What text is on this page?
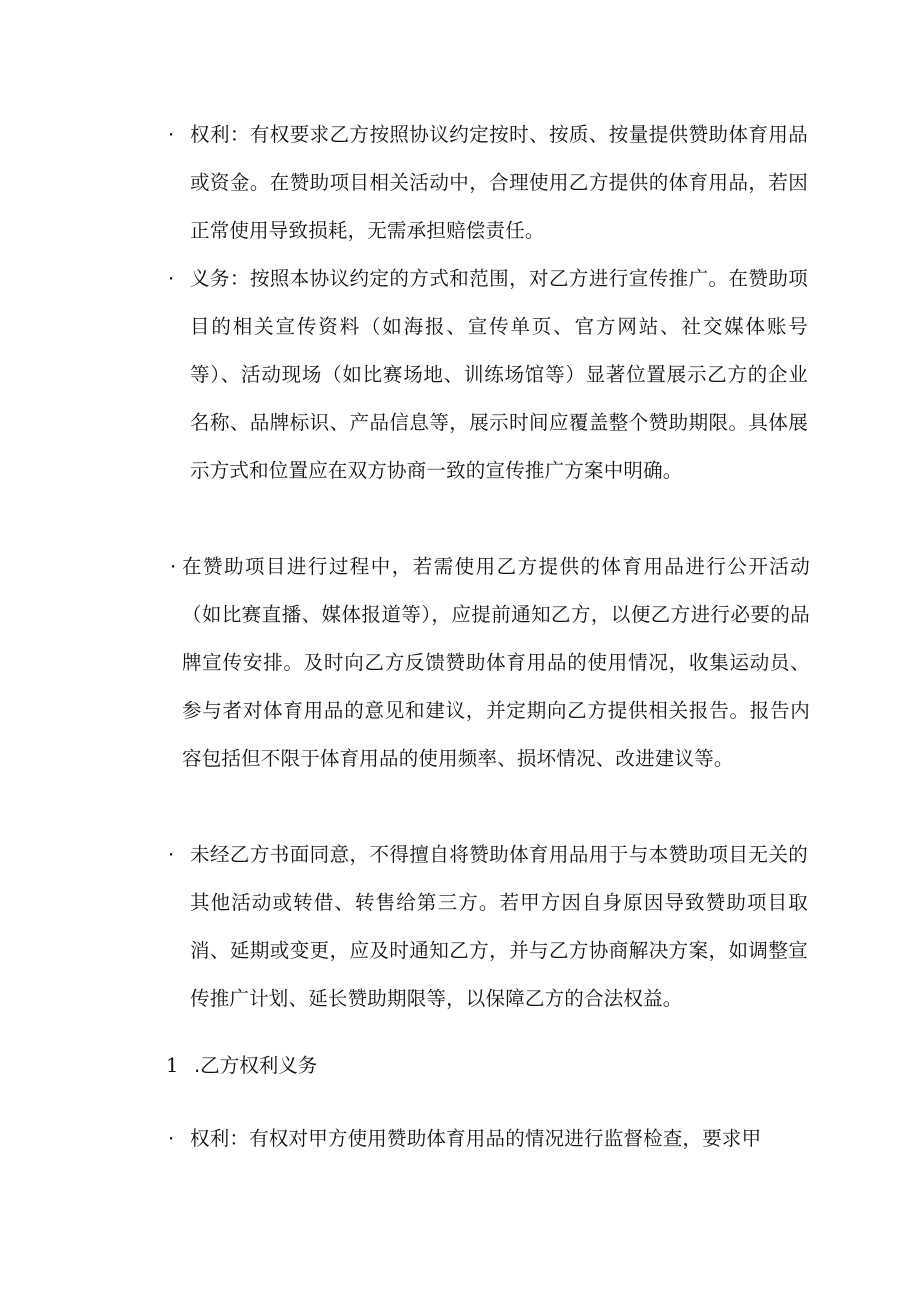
· 权利：有权要求乙方按照协议约定按时、按质、按量提供赞助体育用品或资金。在赞助项目相关活动中，合理使用乙方提供的体育用品，若因正常使用导致损耗，无需承担赔偿责任。
· 义务：按照本协议约定的方式和范围，对乙方进行宣传推广。在赞助项目的相关宣传资料（如海报、宣传单页、官方网站、社交媒体账号等）、活动现场（如比赛场地、训练场馆等）显著位置展示乙方的企业名称、品牌标识、产品信息等，展示时间应覆盖整个赞助期限。具体展示方式和位置应在双方协商一致的宣传推广方案中明确。
· 在赞助项目进行过程中，若需使用乙方提供的体育用品进行公开活动（如比赛直播、媒体报道等），应提前通知乙方，以便乙方进行必要的品牌宣传安排。及时向乙方反馈赞助体育用品的使用情况，收集运动员、参与者对体育用品的意见和建议，并定期向乙方提供相关报告。报告内容包括但不限于体育用品的使用频率、损坏情况、改进建议等。
· 未经乙方书面同意，不得擅自将赞助体育用品用于与本赞助项目无关的其他活动或转借、转售给第三方。若甲方因自身原因导致赞助项目取消、延期或变更，应及时通知乙方，并与乙方协商解决方案，如调整宣传推广计划、延长赞助期限等，以保障乙方的合法权益。
1 .乙方权利义务
· 权利：有权对甲方使用赞助体育用品的情况进行监督检查，要求甲
